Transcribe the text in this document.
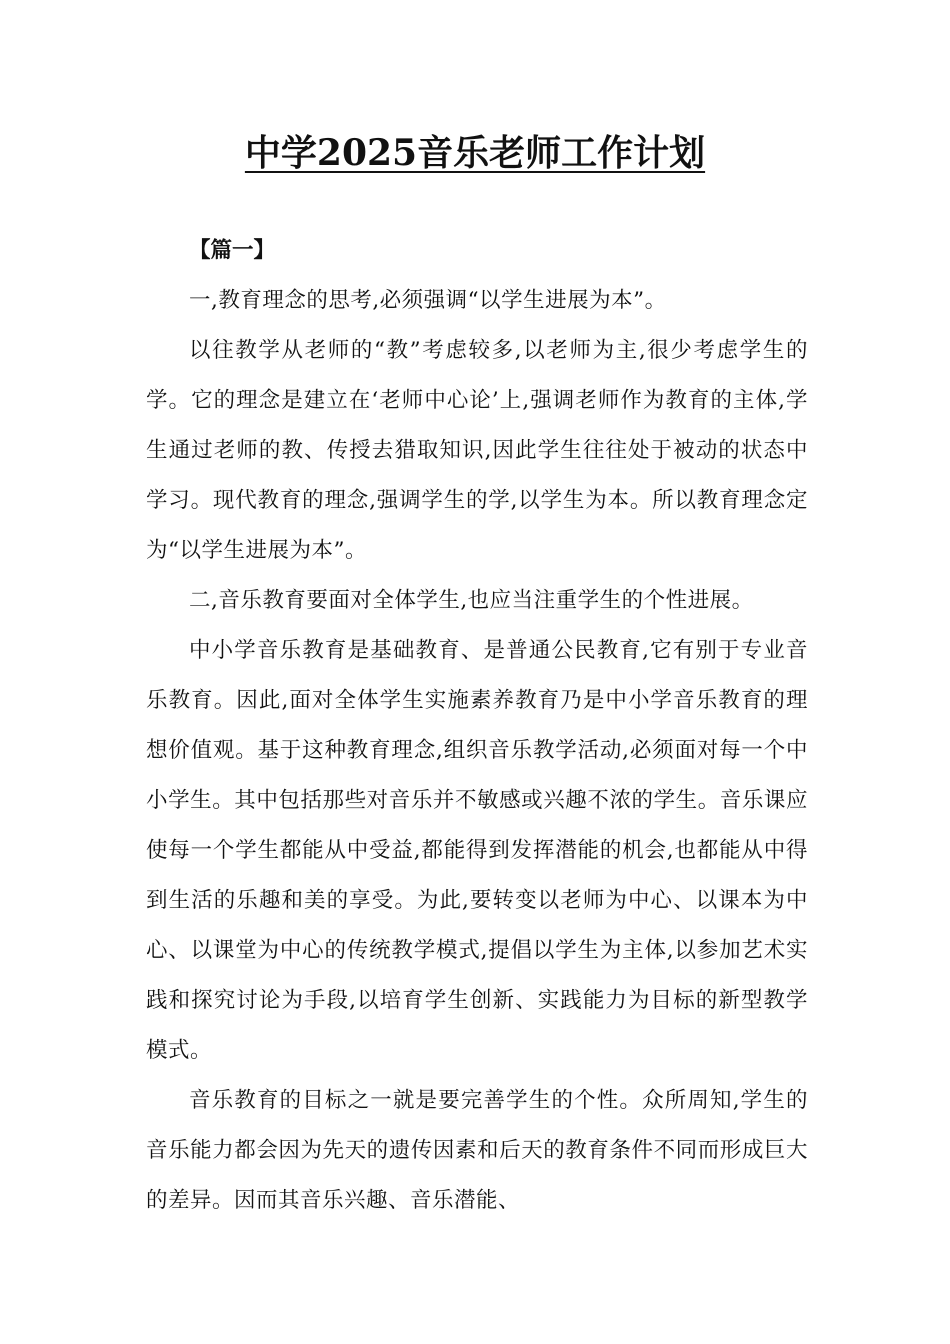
中学2025音乐老师工作计划

【篇一】

一,教育理念的思考,必须强调“以学生进展为本”。

以往教学从老师的“教”考虑较多,以老师为主,很少考虑学生的学。它的理念是建立在‘老师中心论’上,强调老师作为教育的主体,学生通过老师的教、传授去猎取知识,因此学生往往处于被动的状态中学习。现代教育的理念,强调学生的学,以学生为本。所以教育理念定为“以学生进展为本”。

二,音乐教育要面对全体学生,也应当注重学生的个性进展。

中小学音乐教育是基础教育、是普通公民教育,它有别于专业音乐教育。因此,面对全体学生实施素养教育乃是中小学音乐教育的理想价值观。基于这种教育理念,组织音乐教学活动,必须面对每一个中小学生。其中包括那些对音乐并不敏感或兴趣不浓的学生。音乐课应使每一个学生都能从中受益,都能得到发挥潜能的机会,也都能从中得到生活的乐趣和美的享受。为此,要转变以老师为中心、以课本为中心、以课堂为中心的传统教学模式,提倡以学生为主体,以参加艺术实践和探究讨论为手段,以培育学生创新、实践能力为目标的新型教学模式。

音乐教育的目标之一就是要完善学生的个性。众所周知,学生的音乐能力都会因为先天的遗传因素和后天的教育条件不同而形成巨大的差异。因而其音乐兴趣、音乐潜能、
